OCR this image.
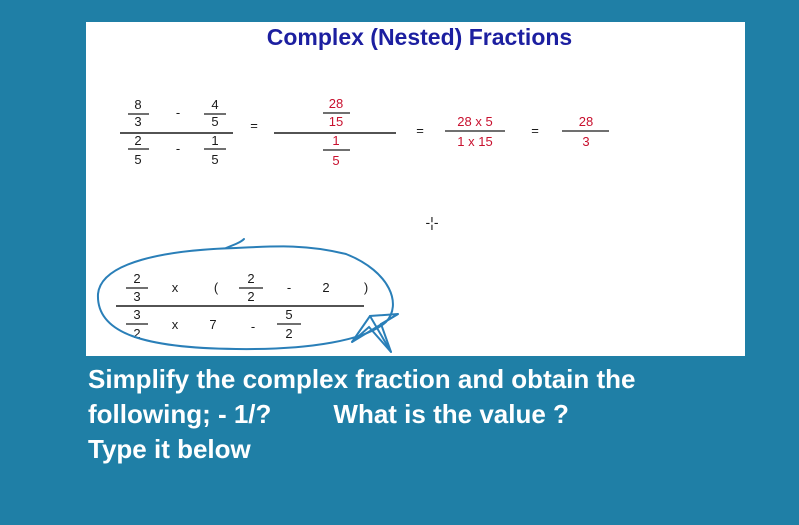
Complex (Nested) Fractions
8
3
-
4
5
2
5
-
1
5
=
28
15
1
5
=
28 x 5
1 x 15
=
28
3
-¦-
2
3
x	(
2
2
- 2	)
3
2
x 7	-
5
2

Simplify the complex fraction and obtain the
following; - 1/? What is the value ?
Type it below
